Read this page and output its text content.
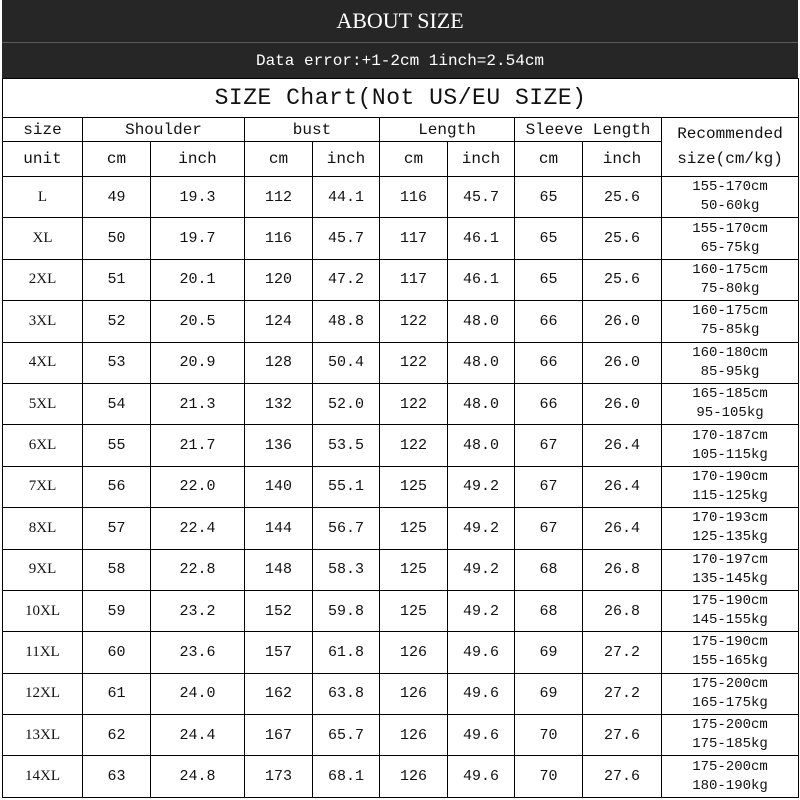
ABOUT SIZE
Data error:+1-2cm 1inch=2.54cm
SIZE Chart(Not US/EU SIZE)									
size	Shoulder		bust		Length		Sleeve Length		Recommended
size(cm/kg)

unit	cm	inch	cm	inch	cm	inch	cm	inch	
L	49	19.3	112	44.1	116	45.7	65	25.6	155-170cm
50-60kg

XL	50	19.7	116	45.7	117	46.1	65	25.6	155-170cm
65-75kg

2XL	51	20.1	120	47.2	117	46.1	65	25.6	160-175cm
75-80kg

3XL	52	20.5	124	48.8	122	48.0	66	26.0	160-175cm
75-85kg

4XL	53	20.9	128	50.4	122	48.0	66	26.0	160-180cm
85-95kg

5XL	54	21.3	132	52.0	122	48.0	66	26.0	165-185cm
95-105kg

6XL	55	21.7	136	53.5	122	48.0	67	26.4	170-187cm
105-115kg

7XL	56	22.0	140	55.1	125	49.2	67	26.4	170-190cm
115-125kg

8XL	57	22.4	144	56.7	125	49.2	67	26.4	170-193cm
125-135kg

9XL	58	22.8	148	58.3	125	49.2	68	26.8	170-197cm
135-145kg

10XL	59	23.2	152	59.8	125	49.2	68	26.8	175-190cm
145-155kg

11XL	60	23.6	157	61.8	126	49.6	69	27.2	175-190cm
155-165kg

12XL	61	24.0	162	63.8	126	49.6	69	27.2	175-200cm
165-175kg

13XL	62	24.4	167	65.7	126	49.6	70	27.6	175-200cm
175-185kg

14XL	63	24.8	173	68.1	126	49.6	70	27.6	175-200cm
180-190kg
